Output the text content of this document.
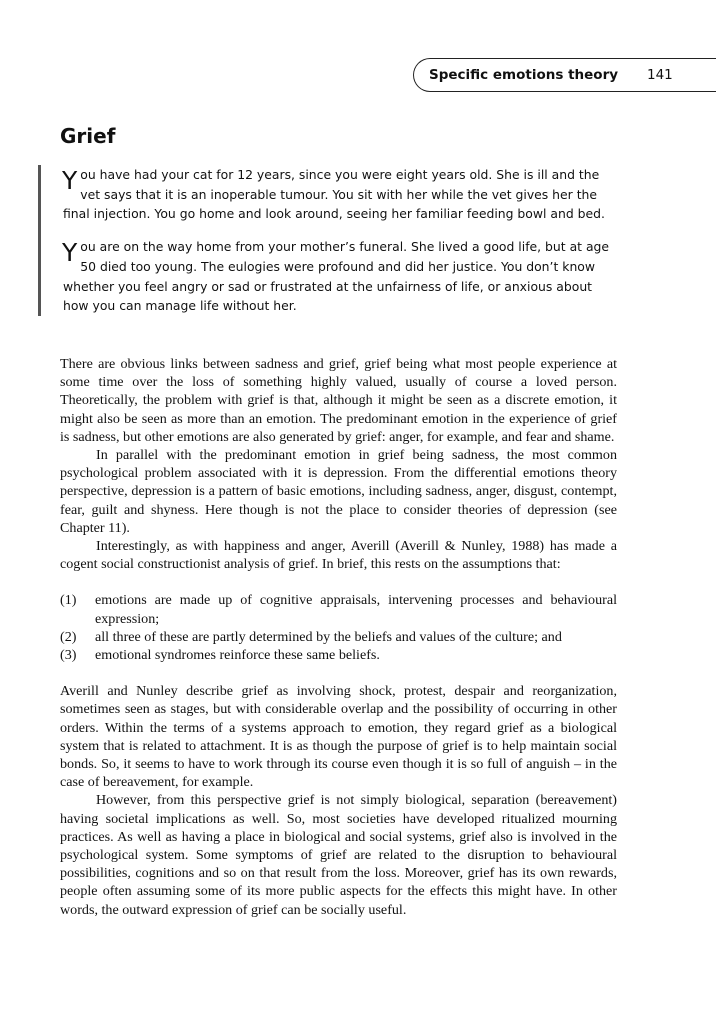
Specific emotions theory 141
Grief

You have had your cat for 12 years, since you were eight years old. She is ill and the vet says that it is an inoperable tumour. You sit with her while the vet gives her the final injection. You go home and look around, seeing her familiar feeding bowl and bed.

You are on the way home from your mother’s funeral. She lived a good life, but at age 50 died too young. The eulogies were profound and did her justice. You don’t know whether you feel angry or sad or frustrated at the unfairness of life, or anxious about how you can manage life without her.

There are obvious links between sadness and grief, grief being what most people experience at some time over the loss of something highly valued, usually of course a loved person. Theoretically, the problem with grief is that, although it might be seen as a discrete emotion, it might also be seen as more than an emotion. The predominant emotion in the experience of grief is sadness, but other emotions are also generated by grief: anger, for example, and fear and shame.

In parallel with the predominant emotion in grief being sadness, the most common psychological problem associated with it is depression. From the differential emotions theory perspective, depression is a pattern of basic emotions, including sadness, anger, disgust, contempt, fear, guilt and shyness. Here though is not the place to consider theories of depression (see Chapter 11).

Interestingly, as with happiness and anger, Averill (Averill & Nunley, 1988) has made a cogent social constructionist analysis of grief. In brief, this rests on the assumptions that:

(1) emotions are made up of cognitive appraisals, intervening processes and behavioural expression;
(2) all three of these are partly determined by the beliefs and values of the culture; and
(3) emotional syndromes reinforce these same beliefs.

Averill and Nunley describe grief as involving shock, protest, despair and reorganization, sometimes seen as stages, but with considerable overlap and the possibility of occurring in other orders. Within the terms of a systems approach to emotion, they regard grief as a biological system that is related to attachment. It is as though the purpose of grief is to help maintain social bonds. So, it seems to have to work through its course even though it is so full of anguish – in the case of bereavement, for example.

However, from this perspective grief is not simply biological, separation (bereavement) having societal implications as well. So, most societies have developed ritualized mourning practices. As well as having a place in biological and social systems, grief also is involved in the psychological system. Some symptoms of grief are related to the disruption to behavioural possibilities, cognitions and so on that result from the loss. Moreover, grief has its own rewards, people often assuming some of its more public aspects for the effects this might have. In other words, the outward expression of grief can be socially useful.
